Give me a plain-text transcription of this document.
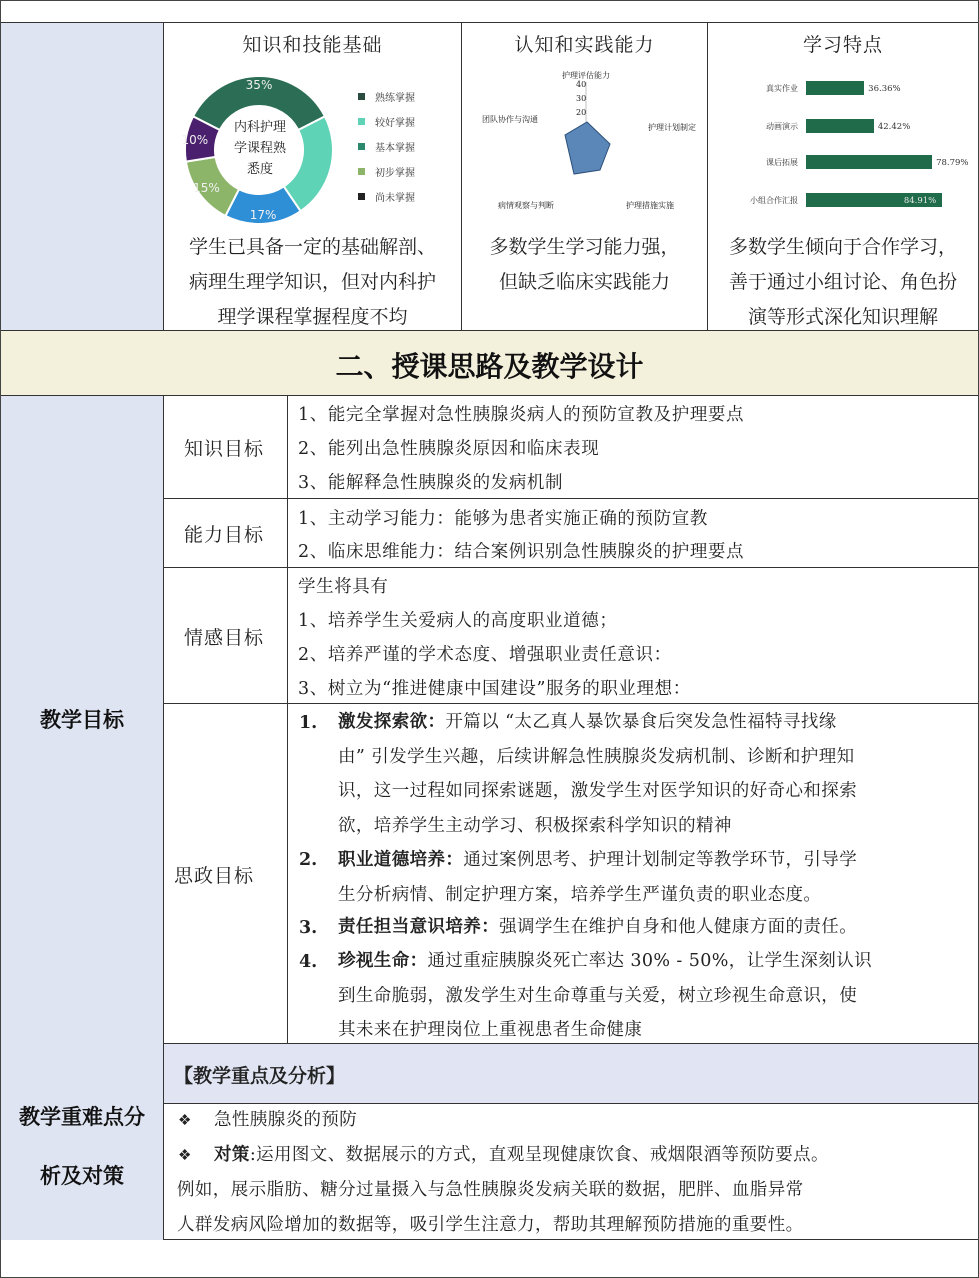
知识和技能基础
35%
17%
15%
10%
内科护理
学课程熟
悉度
熟练掌握
较好掌握
基本掌握
初步掌握
尚未掌握
学生已具备一定的基础解剖、
病理生理学知识，但对内科护
理学课程掌握程度不均
认知和实践能力
护理评估能力
40
30
20
护理计划制定
护理措施实施
病情观察与判断
团队协作与沟通
多数学生学习能力强，
但缺乏临床实践能力
学习特点
真实作业
动画演示
课后拓展
小组合作汇报
36.36%
42.42%
78.79%
84.91%
多数学生倾向于合作学习，
善于通过小组讨论、角色扮
演等形式深化知识理解
二、授课思路及教学设计
教学目标
知识目标
1、能完全掌握对急性胰腺炎病人的预防宣教及护理要点
2、能列出急性胰腺炎原因和临床表现
3、能解释急性胰腺炎的发病机制
能力目标
1、主动学习能力：能够为患者实施正确的预防宣教
2、临床思维能力：结合案例识别急性胰腺炎的护理要点
情感目标
学生将具有
1、培养学生关爱病人的高度职业道德；
2、培养严谨的学术态度、增强职业责任意识：
3、树立为“推进健康中国建设”服务的职业理想：
思政目标
1. 激发探索欲：开篇以 “太乙真人暴饮暴食后突发急性福特寻找缘
由” 引发学生兴趣，后续讲解急性胰腺炎发病机制、诊断和护理知
识，这一过程如同探索谜题，激发学生对医学知识的好奇心和探索
欲，培养学生主动学习、积极探索科学知识的精神
2. 职业道德培养：通过案例思考、护理计划制定等教学环节，引导学
生分析病情、制定护理方案，培养学生严谨负责的职业态度。
3. 责任担当意识培养：强调学生在维护自身和他人健康方面的责任。
4. 珍视生命：通过重症胰腺炎死亡率达 30% - 50%，让学生深刻认识
到生命脆弱，激发学生对生命尊重与关爱，树立珍视生命意识，使
其未来在护理岗位上重视患者生命健康
教学重难点分
析及对策
【教学重点及分析】
❖ 急性胰腺炎的预防
❖ 对策:运用图文、数据展示的方式，直观呈现健康饮食、戒烟限酒等预防要点。
例如，展示脂肪、糖分过量摄入与急性胰腺炎发病关联的数据，肥胖、血脂异常
人群发病风险增加的数据等，吸引学生注意力，帮助其理解预防措施的重要性。
